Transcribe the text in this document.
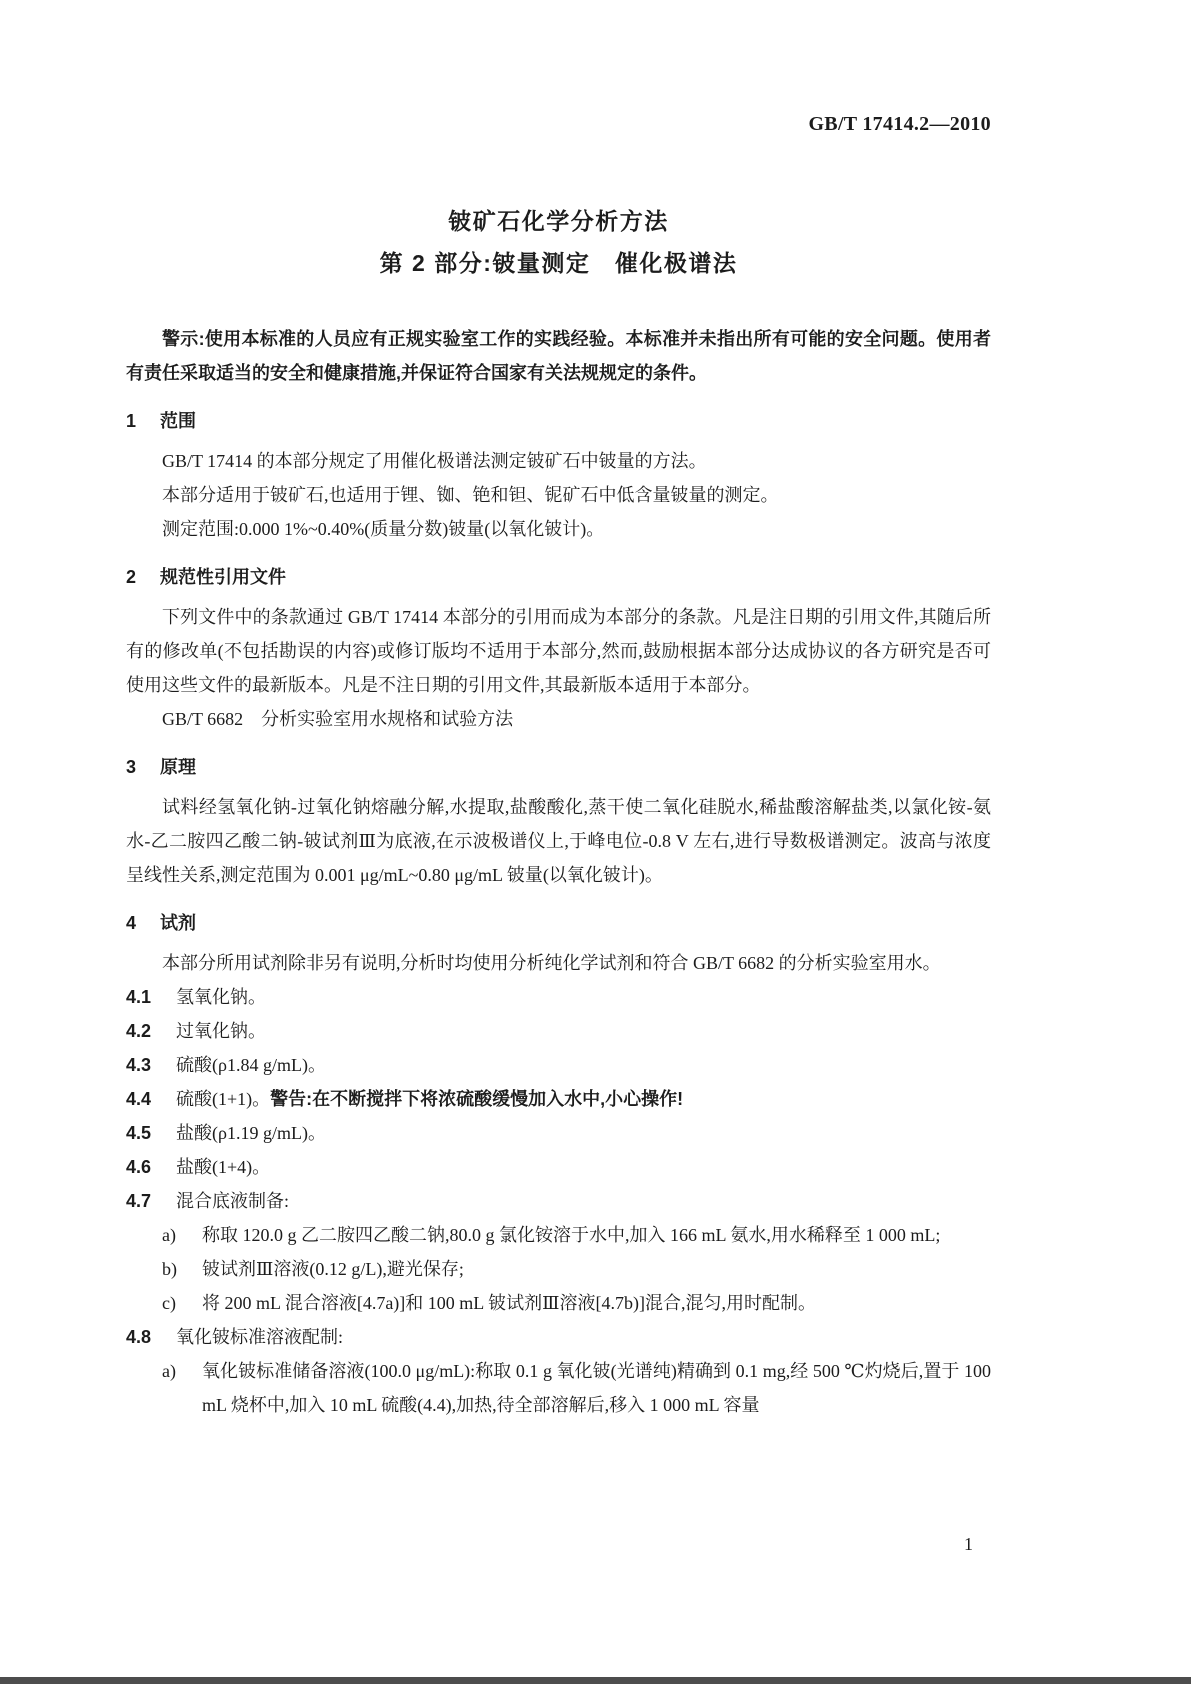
GB/T 17414.2—2010
铍矿石化学分析方法
第 2 部分:铍量测定　催化极谱法

警示:使用本标准的人员应有正规实验室工作的实践经验。本标准并未指出所有可能的安全问题。使用者有责任采取适当的安全和健康措施,并保证符合国家有关法规规定的条件。

1 范围

GB/T 17414 的本部分规定了用催化极谱法测定铍矿石中铍量的方法。

本部分适用于铍矿石,也适用于锂、铷、铯和钽、铌矿石中低含量铍量的测定。

测定范围:0.000 1%~0.40%(质量分数)铍量(以氧化铍计)。

2 规范性引用文件

下列文件中的条款通过 GB/T 17414 本部分的引用而成为本部分的条款。凡是注日期的引用文件,其随后所有的修改单(不包括勘误的内容)或修订版均不适用于本部分,然而,鼓励根据本部分达成协议的各方研究是否可使用这些文件的最新版本。凡是不注日期的引用文件,其最新版本适用于本部分。

GB/T 6682　分析实验室用水规格和试验方法

3 原理

试料经氢氧化钠-过氧化钠熔融分解,水提取,盐酸酸化,蒸干使二氧化硅脱水,稀盐酸溶解盐类,以氯化铵-氨水-乙二胺四乙酸二钠-铍试剂Ⅲ为底液,在示波极谱仪上,于峰电位-0.8 V 左右,进行导数极谱测定。波高与浓度呈线性关系,测定范围为 0.001 μg/mL~0.80 μg/mL 铍量(以氧化铍计)。

4 试剂

本部分所用试剂除非另有说明,分析时均使用分析纯化学试剂和符合 GB/T 6682 的分析实验室用水。

4.1	氢氧化钠。
4.2	过氧化钠。
4.3	硫酸(ρ1.84 g/mL)。
4.4	硫酸(1+1)。警告:在不断搅拌下将浓硫酸缓慢加入水中,小心操作!
4.5	盐酸(ρ1.19 g/mL)。
4.6	盐酸(1+4)。
4.7	混合底液制备:
a)	称取 120.0 g 乙二胺四乙酸二钠,80.0 g 氯化铵溶于水中,加入 166 mL 氨水,用水稀释至 1 000 mL;
b)	铍试剂Ⅲ溶液(0.12 g/L),避光保存;
c)	将 200 mL 混合溶液[4.7a)]和 100 mL 铍试剂Ⅲ溶液[4.7b)]混合,混匀,用时配制。
4.8	氧化铍标准溶液配制:
a)	氧化铍标准储备溶液(100.0 μg/mL):称取 0.1 g 氧化铍(光谱纯)精确到 0.1 mg,经 500 ℃灼烧后,置于 100 mL 烧杯中,加入 10 mL 硫酸(4.4),加热,待全部溶解后,移入 1 000 mL 容量
1
